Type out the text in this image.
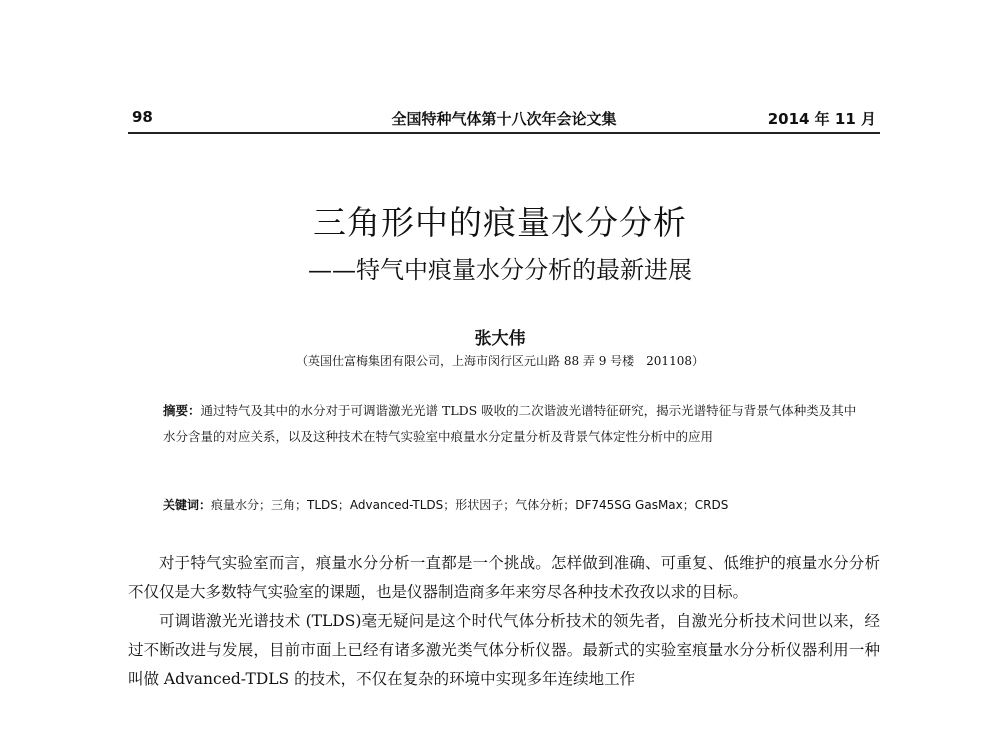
98	全国特种气体第十八次年会论文集	2014 年 11 月
三角形中的痕量水分分析
——特气中痕量水分分析的最新进展
张大伟
（英国仕富梅集团有限公司，上海市闵行区元山路 88 弄 9 号楼　201108）

摘要：通过特气及其中的水分对于可调谐激光光谱 TLDS 吸收的二次谐波光谱特征研究，揭示光谱特征与背景气体种类及其中水分含量的对应关系，以及这种技术在特气实验室中痕量水分定量分析及背景气体定性分析中的应用

关键词：痕量水分；三角；TLDS；Advanced-TLDS；形状因子；气体分析；DF745SG GasMax；CRDS

对于特气实验室而言，痕量水分分析一直都是一个挑战。怎样做到准确、可重复、低维护的痕量水分分析不仅仅是大多数特气实验室的课题，也是仪器制造商多年来穷尽各种技术孜孜以求的目标。

可调谐激光光谱技术 (TLDS)毫无疑问是这个时代气体分析技术的领先者，自激光分析技术问世以来，经过不断改进与发展，目前市面上已经有诸多激光类气体分析仪器。最新式的实验室痕量水分分析仪器利用一种叫做 Advanced-TDLS 的技术，不仅在复杂的环境中实现多年连续地工作
